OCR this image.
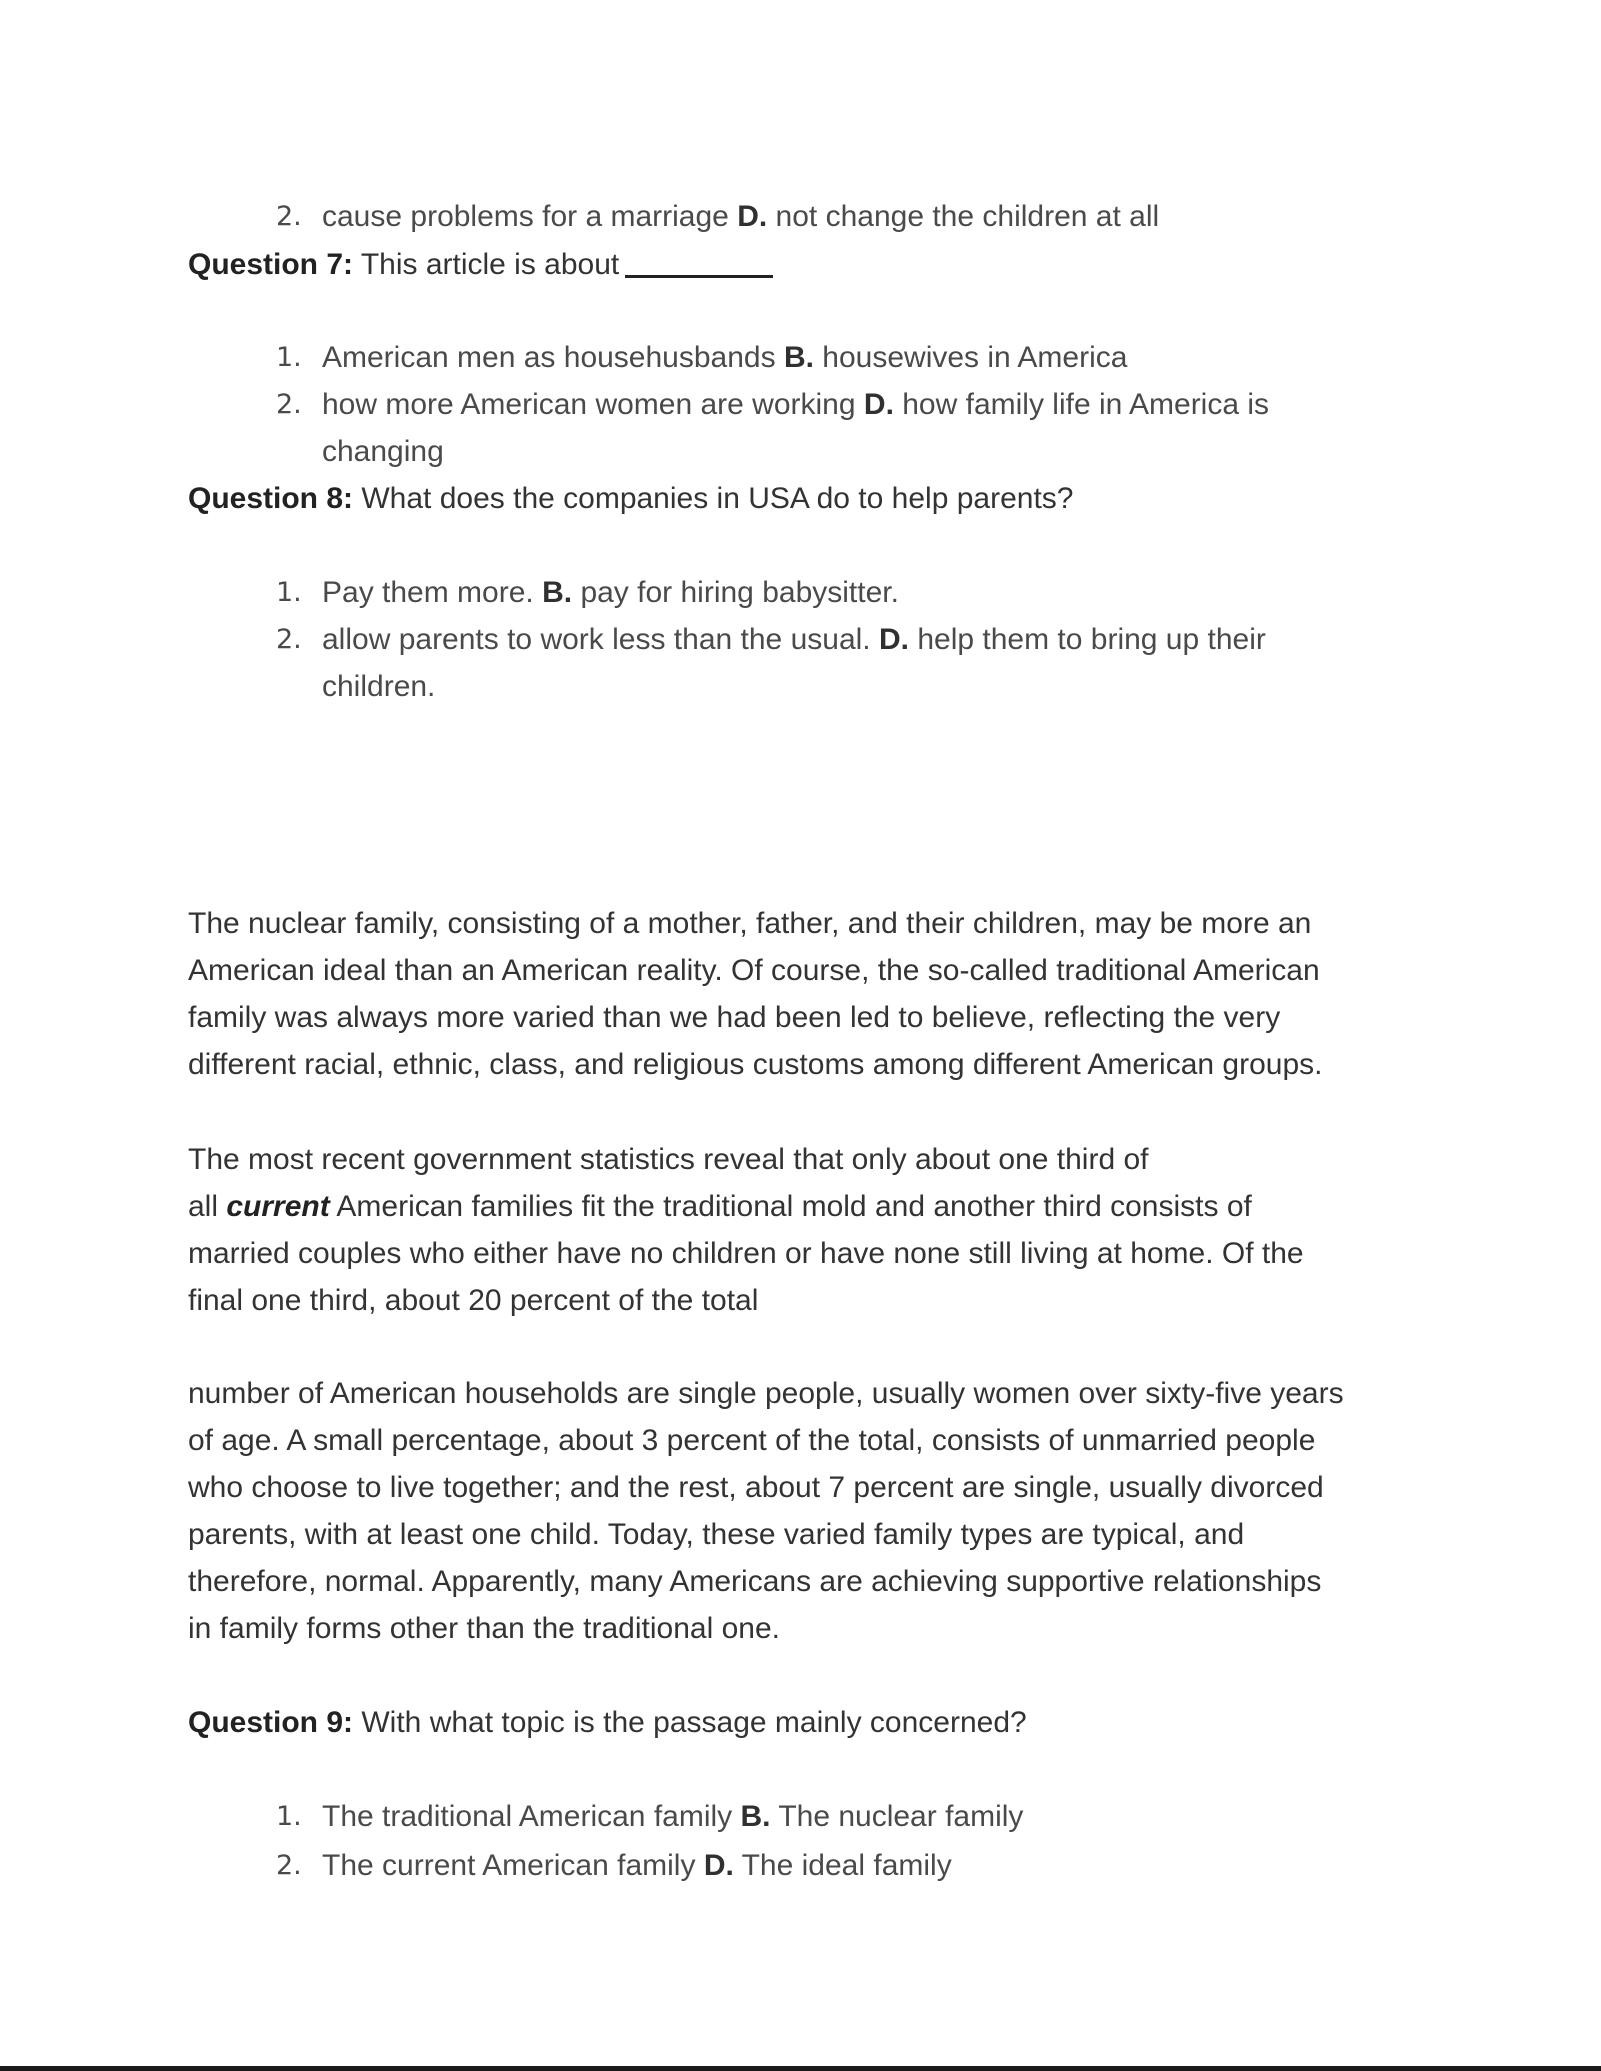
2. cause problems for a marriage D. not change the children at all
Question 7: This article is about
1. American men as househusbands B. housewives in America
2. how more American women are working D. how family life in America is
changing
Question 8: What does the companies in USA do to help parents?
1. Pay them more. B. pay for hiring babysitter.
2. allow parents to work less than the usual. D. help them to bring up their
children.
The nuclear family, consisting of a mother, father, and their children, may be more an
American ideal than an American reality. Of course, the so-called traditional American
family was always more varied than we had been led to believe, reflecting the very
different racial, ethnic, class, and religious customs among different American groups.
The most recent government statistics reveal that only about one third of
all current American families fit the traditional mold and another third consists of
married couples who either have no children or have none still living at home. Of the
final one third, about 20 percent of the total
number of American households are single people, usually women over sixty-five years
of age. A small percentage, about 3 percent of the total, consists of unmarried people
who choose to live together; and the rest, about 7 percent are single, usually divorced
parents, with at least one child. Today, these varied family types are typical, and
therefore, normal. Apparently, many Americans are achieving supportive relationships
in family forms other than the traditional one.
Question 9: With what topic is the passage mainly concerned?
1. The traditional American family B. The nuclear family
2. The current American family D. The ideal family
